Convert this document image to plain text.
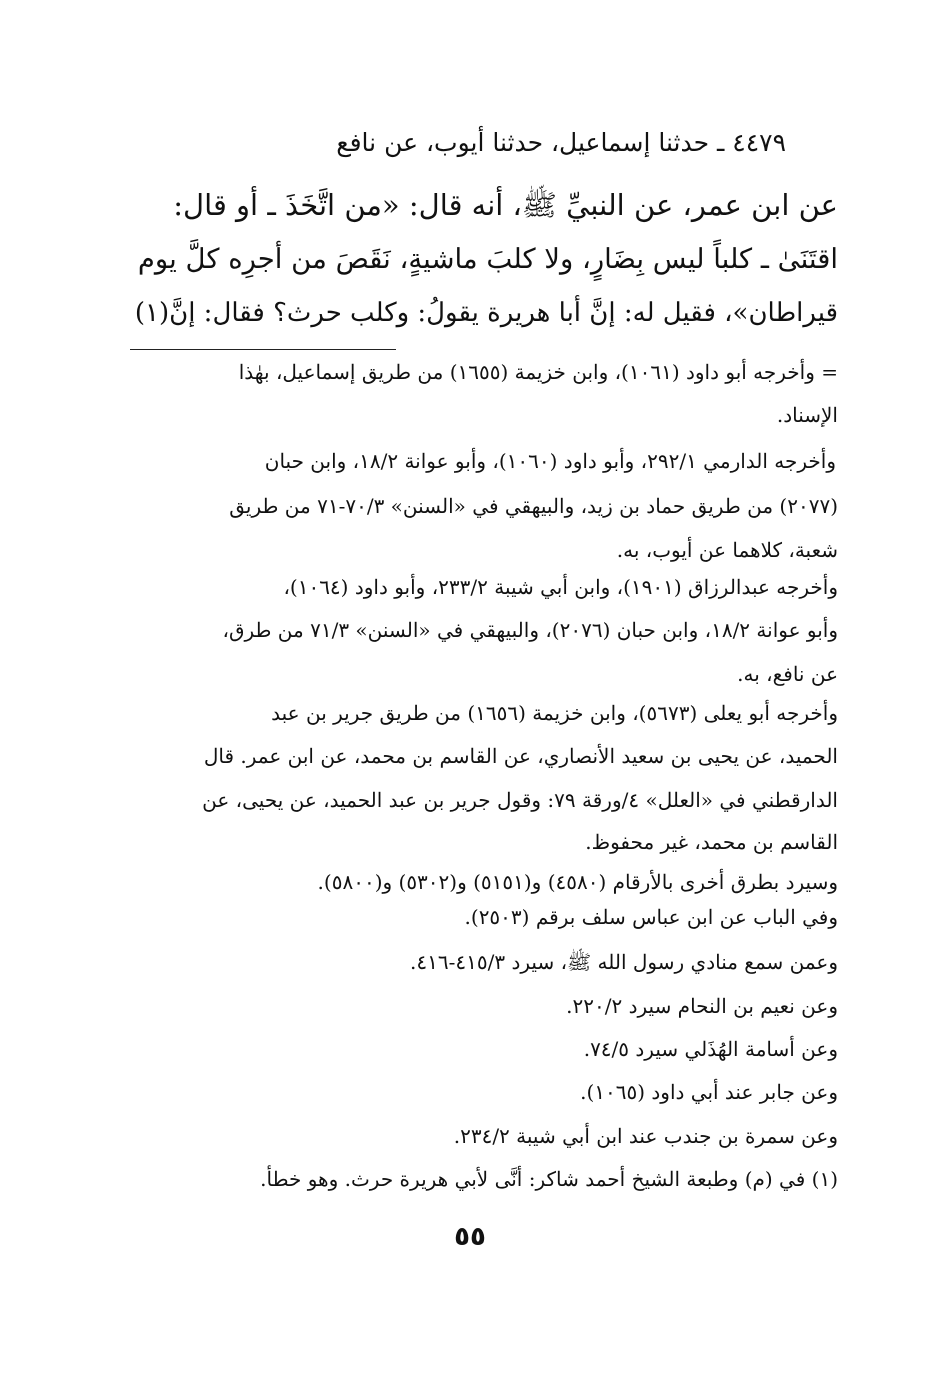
٤٤٧٩ ـ حدثنا إسماعيل، حدثنا أيوب، عن نافع
عن ابن عمر، عن النبيِّ ﷺ، أنه قال: «من اتَّخَذَ ـ أو قال:
اقتَنَىٰ ـ كلباً ليس بِضَارٍ، ولا كلبَ ماشيةٍ، نَقَصَ من أجرِه كلَّ يوم
قيراطان»، فقيل له: إنَّ أبا هريرة يقولُ: وكلب حرث؟ فقال: إنَّ(١)
= وأخرجه أبو داود (١٠٦١)، وابن خزيمة (١٦٥٥) من طريق إسماعيل، بهٰذا
الإسناد.
وأخرجه الدارمي ٢٩٢/١، وأبو داود (١٠٦٠)، وأبو عوانة ١٨/٢، وابن حبان
(٢٠٧٧) من طريق حماد بن زيد، والبيهقي في «السنن» ٧٠/٣-٧١ من طريق
شعبة، كلاهما عن أيوب، به.
وأخرجه عبدالرزاق (١٩٠١)، وابن أبي شيبة ٢٣٣/٢، وأبو داود (١٠٦٤)،
وأبو عوانة ١٨/٢، وابن حبان (٢٠٧٦)، والبيهقي في «السنن» ٧١/٣ من طرق،
عن نافع، به.
وأخرجه أبو يعلى (٥٦٧٣)، وابن خزيمة (١٦٥٦) من طريق جرير بن عبد
الحميد، عن يحيى بن سعيد الأنصاري، عن القاسم بن محمد، عن ابن عمر. قال
الدارقطني في «العلل» ٤/ورقة ٧٩: وقول جرير بن عبد الحميد، عن يحيى، عن
القاسم بن محمد، غير محفوظ.
وسيرد بطرق أخرى بالأرقام (٤٥٨٠) و(٥١٥١) و(٥٣٠٢) و(٥٨٠٠).
وفي الباب عن ابن عباس سلف برقم (٢٥٠٣).
وعمن سمع منادي رسول الله ﷺ، سيرد ٤١٥/٣-٤١٦.
وعن نعيم بن النحام سيرد ٢٢٠/٢.
وعن أسامة الهُذَلي سيرد ٧٤/٥.
وعن جابر عند أبي داود (١٠٦٥).
وعن سمرة بن جندب عند ابن أبي شيبة ٢٣٤/٢.
(١) في (م) وطبعة الشيخ أحمد شاكر: أنَّى لأبي هريرة حرث. وهو خطأ.
٥٥
